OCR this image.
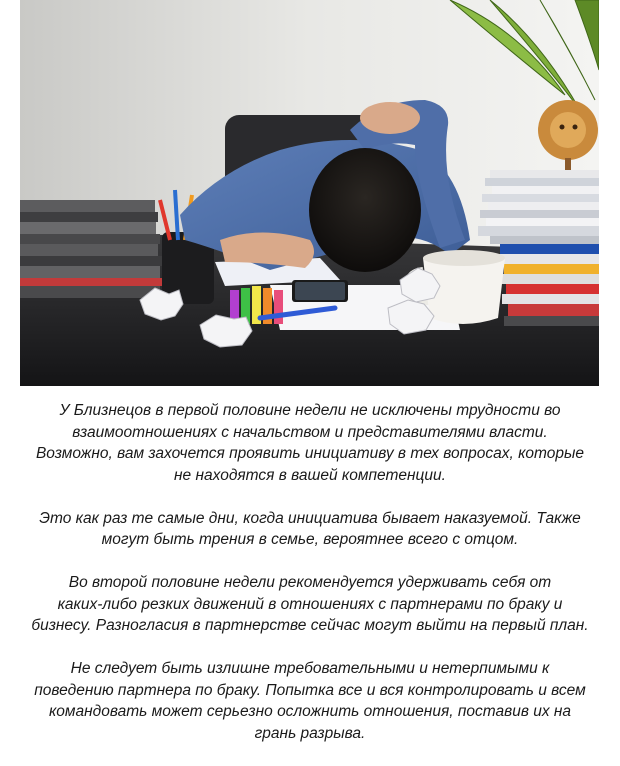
У Близнецов в первой половине недели не исключены трудности во
взаимоотношениях с начальством и представителями власти.
Возможно, вам захочется проявить инициативу в тех вопросах, которые
не находятся в вашей компетенции.

Это как раз те самые дни, когда инициатива бывает наказуемой. Также
могут быть трения в семье, вероятнее всего с отцом.

Во второй половине недели рекомендуется удерживать себя от
каких-либо резких движений в отношениях с партнерами по браку и
бизнесу. Разногласия в партнерстве сейчас могут выйти на первый план.

Не следует быть излишне требовательными и нетерпимыми к
поведению партнера по браку. Попытка все и вся контролировать и всем
командовать может серьезно осложнить отношения, поставив их на
грань разрыва.
